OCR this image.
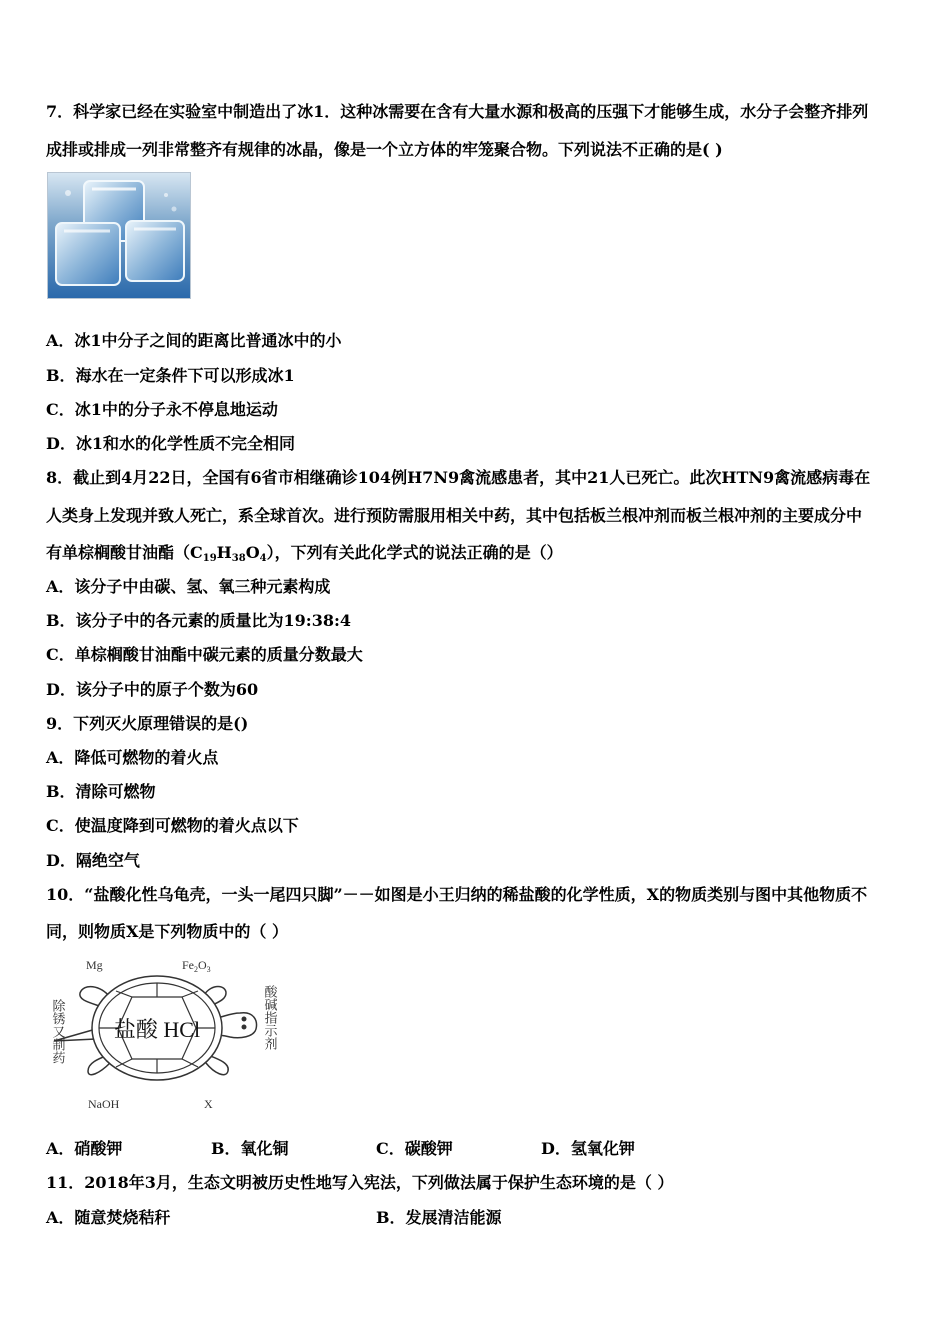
7．科学家已经在实验室中制造出了冰1．这种冰需要在含有大量水源和极高的压强下才能够生成，水分子会整齐排列
成排或排成一列非常整齐有规律的冰晶，像是一个立方体的牢笼聚合物。下列说法不正确的是( )
A．冰1中分子之间的距离比普通冰中的小
B．海水在一定条件下可以形成冰1
C．冰1中的分子永不停息地运动
D．冰1和水的化学性质不完全相同
8．截止到4月22日，全国有6省市相继确诊104例H7N9禽流感患者，其中21人已死亡。此次HTN9禽流感病毒在
人类身上发现并致人死亡，系全球首次。进行预防需服用相关中药，其中包括板兰根冲剂而板兰根冲剂的主要成分中
有单棕榈酸甘油酯$(C_{19}H_{38}O_4)$，下列有关此化学式的说法正确的是（）
A．该分子中由碳、氢、氧三种元素构成
B．该分子中的各元素的质量比为19:38:4
C．单棕榈酸甘油酯中碳元素的质量分数最大
D．该分子中的原子个数为60
9．下列灭火原理错误的是()
A．降低可燃物的着火点
B．清除可燃物
C．使温度降到可燃物的着火点以下
D．隔绝空气
10．“盐酸化性乌龟壳，一头一尾四只脚”－－如图是小王归纳的稀盐酸的化学性质，X的物质类别与图中其他物质不
同，则物质X是下列物质中的（ ）
Mg	$Fe_2O_3$
盐酸 HCl
NaOH	X
除锈又制药	酸碱指示剂
A．硝酸钾	B．氧化铜	C．碳酸钾	D．氢氧化钾
11．2018年3月，生态文明被历史性地写入宪法，下列做法属于保护生态环境的是（ ）
A．随意焚烧秸秆	B．发展清洁能源
